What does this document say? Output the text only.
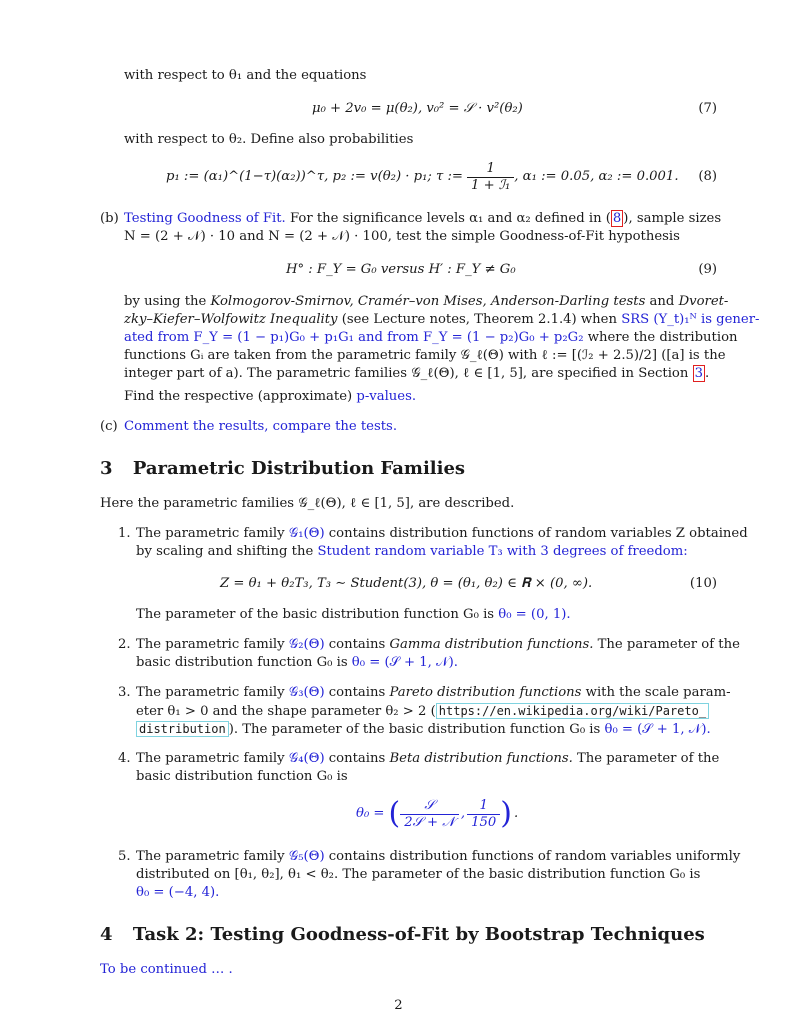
with respect to θ₁ and the equations
μ₀ + 2v₀ = μ(θ₂), v₀² = 𝒮 · v²(θ₂)	(7)
with respect to θ₂. Define also probabilities
p₁ := (α₁)^(1−τ)(α₂))^τ, p₂ := v(θ₂) · p₁; τ := $\frac{1}{\text{1 + ℐ₁}}$ , α₁ := 0.05, α₂ := 0.001. (8)
(b) Testing Goodness of Fit. For the significance levels α₁ and α₂ defined in ( 8 ), sample sizes
N = (2 + 𝒩) · 10 and N = (2 + 𝒩) · 100, test the simple Goodness-of-Fit hypothesis
H° : F_Y = G₀ versus H′ : F_Y ≠ G₀	(9)
by using the Kolmogorov-Smirnov, Cramér–von Mises, Anderson-Darling tests and Dvoret-
zky–Kiefer–Wolfowitz Inequality (see Lecture notes, Theorem 2.1.4) when SRS (Y_t)₁ᴺ is gener-
ated from F_Y = (1 − p₁)G₀ + p₁G₁ and from F_Y = (1 − p₂)G₀ + p₂G₂ where the distribution
functions Gᵢ are taken from the parametric family 𝒢_ℓ(Θ) with ℓ := [(ℐ₂ + 2.5)/2] ([a] is the
integer part of a). The parametric families 𝒢_ℓ(Θ), ℓ ∈ [1, 5], are specified in Section 3 .
Find the respective (approximate) p-values.
(c) Comment the results, compare the tests.
3 Parametric Distribution Families
Here the parametric families 𝒢_ℓ(Θ), ℓ ∈ [1, 5], are described.
1. The parametric family 𝒢₁(Θ) contains distribution functions of random variables Z obtained
by scaling and shifting the Student random variable T₃ with 3 degrees of freedom:
Z = θ₁ + θ₂T₃, T₃ ∼ Student(3), θ = (θ₁, θ₂) ∈ 𝐑 × (0, ∞).	(10)
The parameter of the basic distribution function G₀ is θ₀ = (0, 1).
2. The parametric family 𝒢₂(Θ) contains Gamma distribution functions. The parameter of the
basic distribution function G₀ is θ₀ = (𝒮 + 1, 𝒩).
3. The parametric family 𝒢₃(Θ) contains Pareto distribution functions with the scale param-
eter θ₁ > 0 and the shape parameter θ₂ > 2 ( https://en.wikipedia.org/wiki/Pareto_
distribution ). The parameter of the basic distribution function G₀ is θ₀ = (𝒮 + 1, 𝒩).
4. The parametric family 𝒢₄(Θ) contains Beta distribution functions. The parameter of the
basic distribution function G₀ is
θ₀ = ( $\frac{\text{𝒮}}{\text{2𝒮 + 𝒩}}$ , $\frac{1}{150}$ ) .
5. The parametric family 𝒢₅(Θ) contains distribution functions of random variables uniformly
distributed on [θ₁, θ₂], θ₁ < θ₂. The parameter of the basic distribution function G₀ is
θ₀ = (−4, 4).
4 Task 2: Testing Goodness-of-Fit by Bootstrap Techniques
To be continued … .
2
